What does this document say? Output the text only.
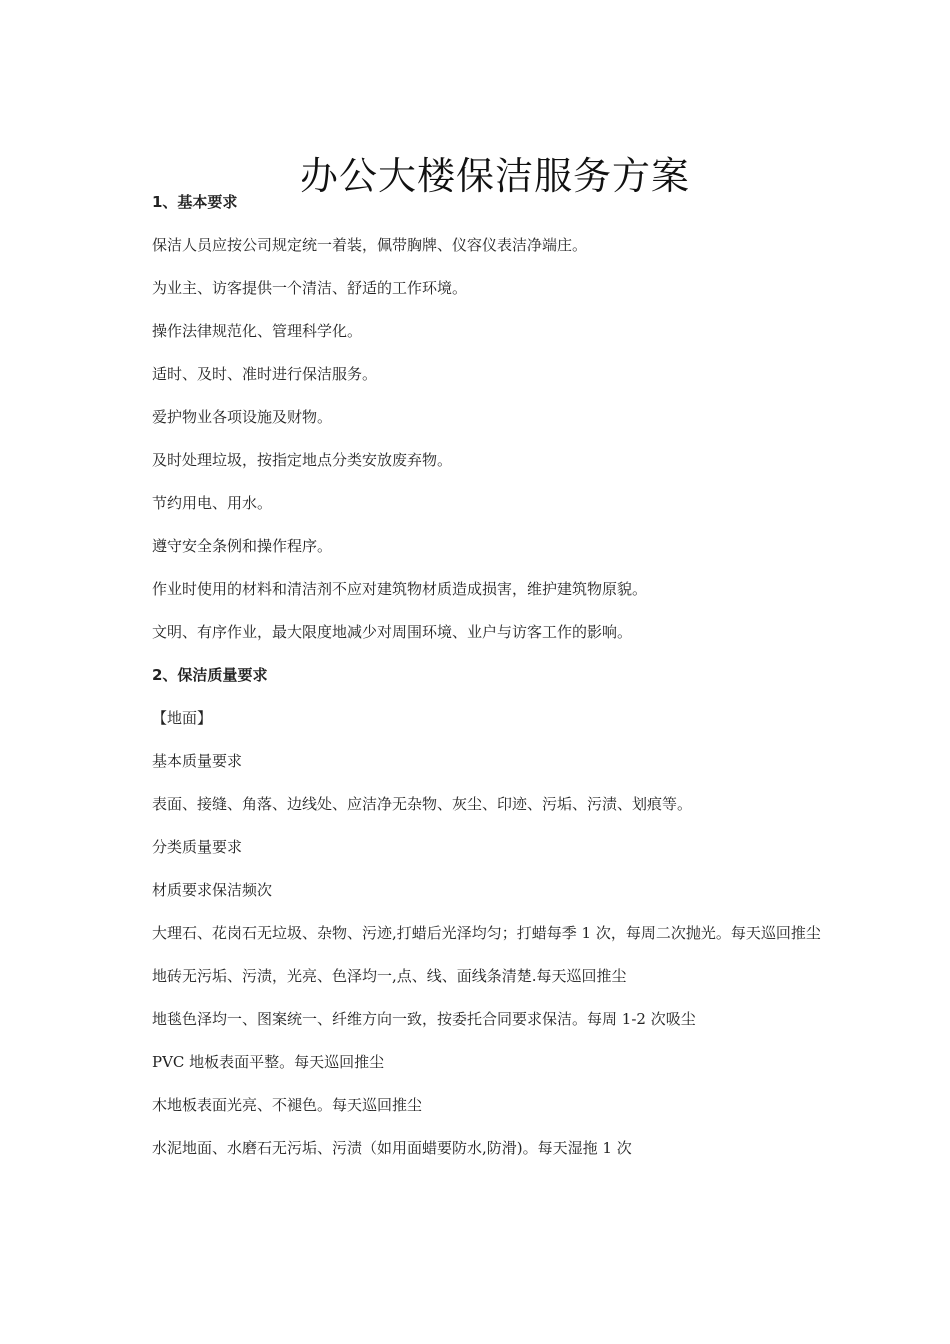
办公大楼保洁服务方案

1、基本要求

保洁人员应按公司规定统一着装，佩带胸牌、仪容仪表洁净端庄。

为业主、访客提供一个清洁、舒适的工作环境。

操作法律规范化、管理科学化。

适时、及时、准时进行保洁服务。

爱护物业各项设施及财物。

及时处理垃圾，按指定地点分类安放废弃物。

节约用电、用水。

遵守安全条例和操作程序。

作业时使用的材料和清洁剂不应对建筑物材质造成损害，维护建筑物原貌。

文明、有序作业，最大限度地减少对周围环境、业户与访客工作的影响。

2、保洁质量要求

【地面】

基本质量要求

表面、接缝、角落、边线处、应洁净无杂物、灰尘、印迹、污垢、污渍、划痕等。

分类质量要求

材质要求保洁频次

大理石、花岗石无垃圾、杂物、污迹,打蜡后光泽均匀；打蜡每季 1 次，每周二次抛光。每天巡回推尘

地砖无污垢、污渍，光亮、色泽均一,点、线、面线条清楚.每天巡回推尘

地毯色泽均一、图案统一、纤维方向一致，按委托合同要求保洁。每周 1-2 次吸尘

PVC 地板表面平整。每天巡回推尘

木地板表面光亮、不褪色。每天巡回推尘

水泥地面、水磨石无污垢、污渍（如用面蜡要防水,防滑)。每天湿拖 1 次
